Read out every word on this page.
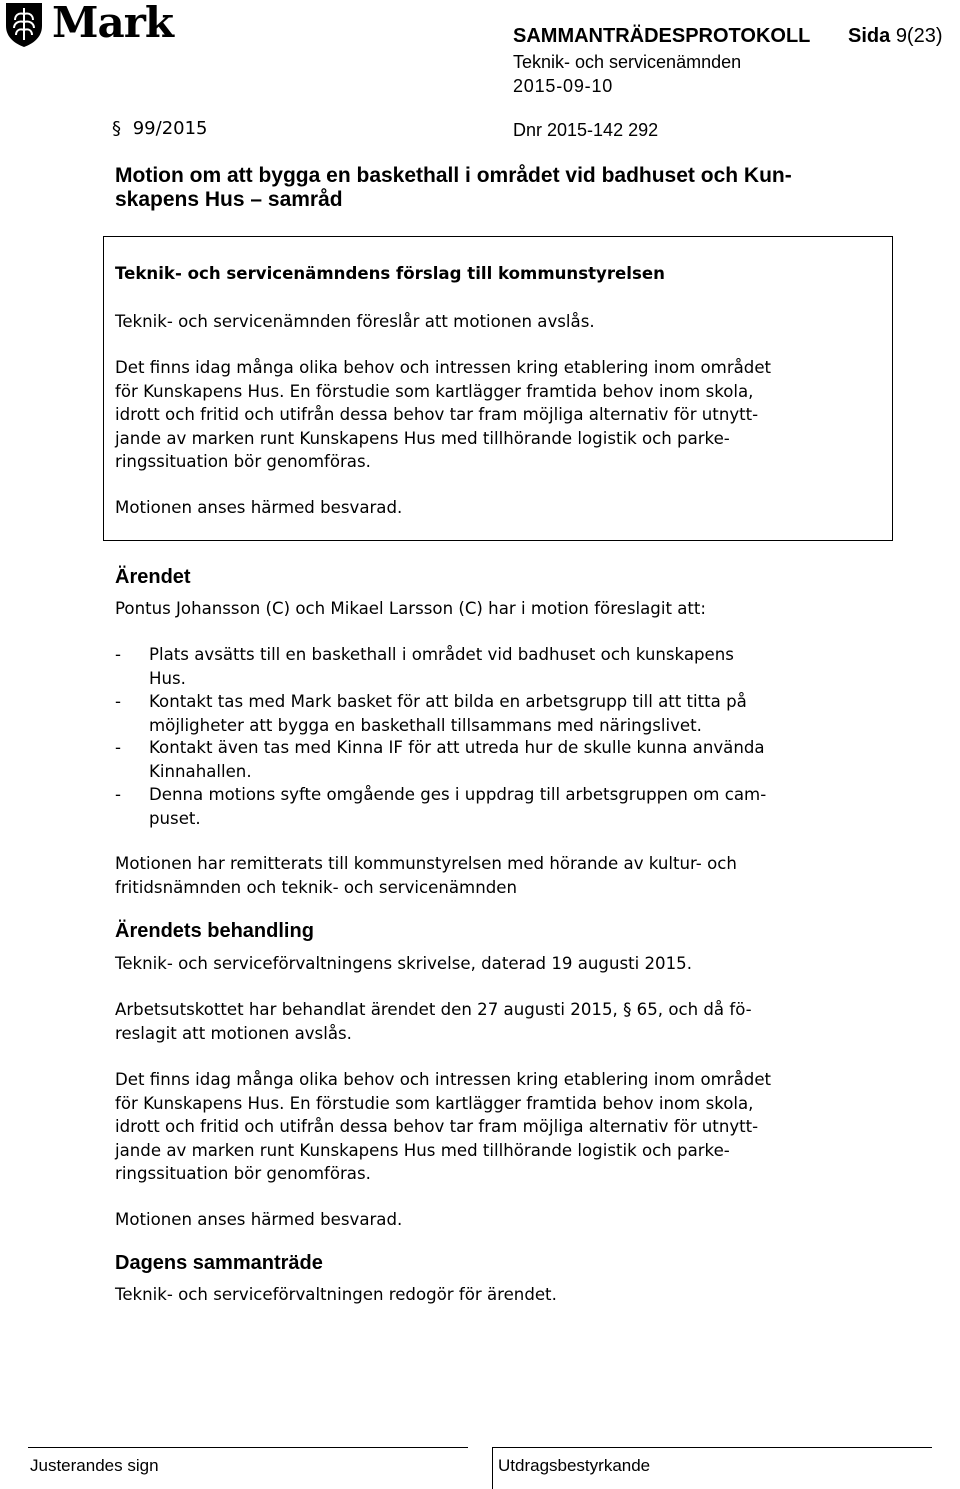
Mark	SAMMANTRÄDESPROTOKOLL Sida 9(23)
Teknik- och servicenämnden
2015-09-10
§ 99/2015	Dnr 2015-142 292
Motion om att bygga en baskethall i området vid badhuset och Kun-
skapens Hus – samråd
Teknik- och servicenämndens förslag till kommunstyrelsen
Teknik- och servicenämnden föreslår att motionen avslås.
Det finns idag många olika behov och intressen kring etablering inom området
för Kunskapens Hus. En förstudie som kartlägger framtida behov inom skola,
idrott och fritid och utifrån dessa behov tar fram möjliga alternativ för utnytt-
jande av marken runt Kunskapens Hus med tillhörande logistik och parke-
ringssituation bör genomföras.
Motionen anses härmed besvarad.
Ärendet
Pontus Johansson (C) och Mikael Larsson (C) har i motion föreslagit att:
- Plats avsätts till en baskethall i området vid badhuset och kunskapens
Hus.
- Kontakt tas med Mark basket för att bilda en arbetsgrupp till att titta på
möjligheter att bygga en baskethall tillsammans med näringslivet.
- Kontakt även tas med Kinna IF för att utreda hur de skulle kunna använda
Kinnahallen.
- Denna motions syfte omgående ges i uppdrag till arbetsgruppen om cam-
puset.
Motionen har remitterats till kommunstyrelsen med hörande av kultur- och
fritidsnämnden och teknik- och servicenämnden
Ärendets behandling
Teknik- och serviceförvaltningens skrivelse, daterad 19 augusti 2015.
Arbetsutskottet har behandlat ärendet den 27 augusti 2015, § 65, och då fö-
reslagit att motionen avslås.
Det finns idag många olika behov och intressen kring etablering inom området
för Kunskapens Hus. En förstudie som kartlägger framtida behov inom skola,
idrott och fritid och utifrån dessa behov tar fram möjliga alternativ för utnytt-
jande av marken runt Kunskapens Hus med tillhörande logistik och parke-
ringssituation bör genomföras.
Motionen anses härmed besvarad.
Dagens sammanträde
Teknik- och serviceförvaltningen redogör för ärendet.
Justerandes sign	Utdragsbestyrkande
